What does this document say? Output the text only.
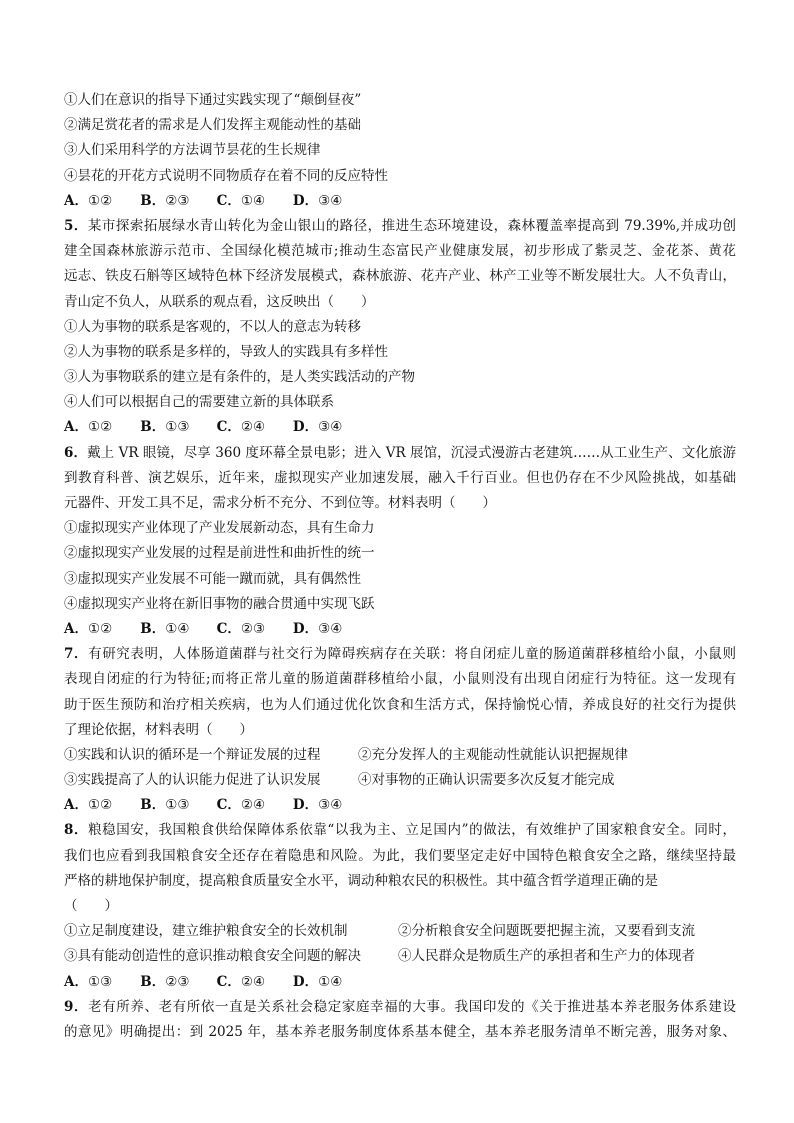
①人们在意识的指导下通过实践实现了“颠倒昼夜”
②满足赏花者的需求是人们发挥主观能动性的基础
③人们采用科学的方法调节昙花的生长规律
④昙花的开花方式说明不同物质存在着不同的反应特性
A．①② B．②③ C．①④ D．③④
5．某市探索拓展绿水青山转化为金山银山的路径，推进生态环境建设，森林覆盖率提高到 79.39%,并成功创
建全国森林旅游示范市、全国绿化模范城市;推动生态富民产业健康发展，初步形成了紫灵芝、金花茶、黄花
远志、铁皮石斛等区域特色林下经济发展模式，森林旅游、花卉产业、林产工业等不断发展壮大。人不负青山，
青山定不负人，从联系的观点看，这反映出（　　）
①人为事物的联系是客观的，不以人的意志为转移
②人为事物的联系是多样的，导致人的实践具有多样性
③人为事物联系的建立是有条件的，是人类实践活动的产物
④人们可以根据自己的需要建立新的具体联系
A．①② B．①③ C．②④ D．③④
6．戴上 VR 眼镜，尽享 360 度环幕全景电影；进入 VR 展馆，沉浸式漫游古老建筑……从工业生产、文化旅游
到教育科普、演艺娱乐，近年来，虚拟现实产业加速发展，融入千行百业。但也仍存在不少风险挑战，如基础
元器件、开发工具不足，需求分析不充分、不到位等。材料表明（　　）
①虚拟现实产业体现了产业发展新动态，具有生命力
②虚拟现实产业发展的过程是前进性和曲折性的统一
③虚拟现实产业发展不可能一蹴而就，具有偶然性
④虚拟现实产业将在新旧事物的融合贯通中实现飞跃
A．①② B．①④ C．②③ D．③④
7．有研究表明，人体肠道菌群与社交行为障碍疾病存在关联：将自闭症儿童的肠道菌群移植给小鼠，小鼠则
表现自闭症的行为特征;而将正常儿童的肠道菌群移植给小鼠，小鼠则没有出现自闭症行为特征。这一发现有
助于医生预防和治疗相关疾病，也为人们通过优化饮食和生活方式，保持愉悦心情，养成良好的社交行为提供
了理论依据，材料表明（　　）
①实践和认识的循环是一个辩证发展的过程	②充分发挥人的主观能动性就能认识把握规律
③实践提高了人的认识能力促进了认识发展	④对事物的正确认识需要多次反复才能完成
A．①② B．①③ C．②④ D．③④
8．粮稳国安，我国粮食供给保障体系依靠“以我为主、立足国内”的做法，有效维护了国家粮食安全。同时，
我们也应看到我国粮食安全还存在着隐患和风险。为此，我们要坚定走好中国特色粮食安全之路，继续坚持最
严格的耕地保护制度，提高粮食质量安全水平，调动种粮农民的积极性。其中蕴含哲学道理正确的是
（　　）
①立足制度建设，建立维护粮食安全的长效机制	②分析粮食安全问题既要把握主流，又要看到支流
③具有能动创造性的意识推动粮食安全问题的解决	④人民群众是物质生产的承担者和生产力的体现者
A．①③ B．②③ C．②④ D．①④
9．老有所养、老有所依一直是关系社会稳定家庭幸福的大事。我国印发的《关于推进基本养老服务体系建设
的意见》明确提出：到 2025 年，基本养老服务制度体系基本健全，基本养老服务清单不断完善，服务对象、
